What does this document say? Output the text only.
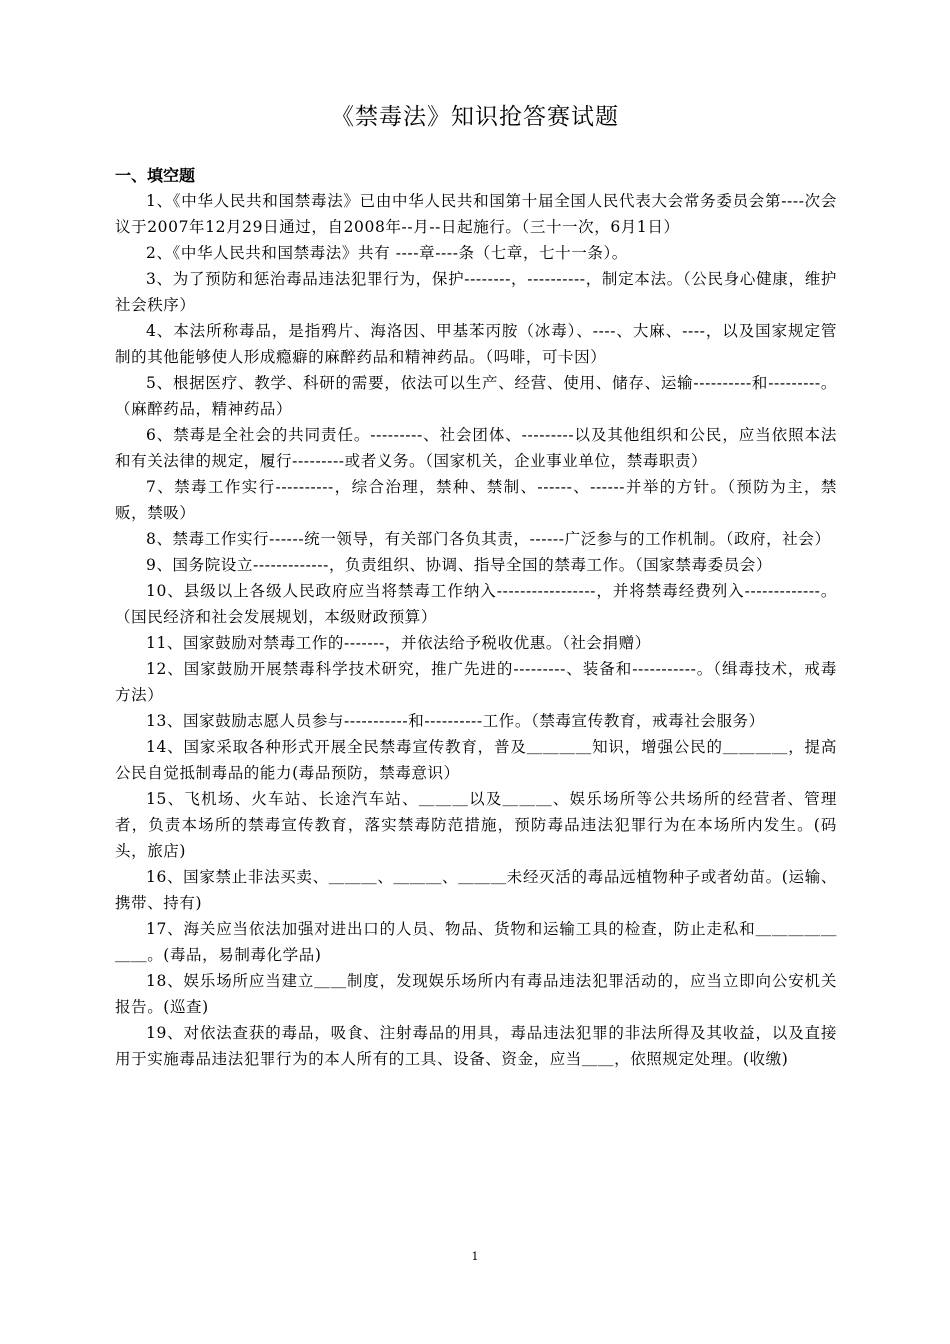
《禁毒法》知识抢答赛试题
一、填空题

1、《中华人民共和国禁毒法》已由中华人民共和国第十届全国人民代表大会常务委员会第----次会议于2007年12月29日通过，自2008年--月--日起施行。（三十一次，6月1日）

2、《中华人民共和国禁毒法》共有 ----章----条（七章，七十一条）。

3、为了预防和惩治毒品违法犯罪行为，保护--------，----------，制定本法。（公民身心健康，维护社会秩序）

4、本法所称毒品，是指鸦片、海洛因、甲基苯丙胺（冰毒）、----、大麻、----，以及国家规定管制的其他能够使人形成瘾癖的麻醉药品和精神药品。（吗啡，可卡因）

5、根据医疗、教学、科研的需要，依法可以生产、经营、使用、储存、运输----------和---------。（麻醉药品，精神药品）

6、禁毒是全社会的共同责任。---------、社会团体、---------以及其他组织和公民，应当依照本法和有关法律的规定，履行---------或者义务。（国家机关，企业事业单位，禁毒职责）

7、禁毒工作实行----------，综合治理，禁种、禁制、------、------并举的方针。（预防为主，禁贩，禁吸）

8、禁毒工作实行------统一领导，有关部门各负其责，------广泛参与的工作机制。（政府，社会）

9、国务院设立-------------，负责组织、协调、指导全国的禁毒工作。（国家禁毒委员会）

10、县级以上各级人民政府应当将禁毒工作纳入-----------------，并将禁毒经费列入-------------。（国民经济和社会发展规划，本级财政预算）

11、国家鼓励对禁毒工作的-------，并依法给予税收优惠。（社会捐赠）

12、国家鼓励开展禁毒科学技术研究，推广先进的---------、装备和-----------。（缉毒技术，戒毒方法）

13、国家鼓励志愿人员参与-----------和----------工作。（禁毒宣传教育，戒毒社会服务）

14、国家采取各种形式开展全民禁毒宣传教育，普及＿＿＿＿知识，增强公民的＿＿＿＿，提高公民自觉抵制毒品的能力(毒品预防，禁毒意识）

15、飞机场、火车站、长途汽车站、＿＿＿以及＿＿＿、娱乐场所等公共场所的经营者、管理者，负责本场所的禁毒宣传教育，落实禁毒防范措施，预防毒品违法犯罪行为在本场所内发生。(码头，旅店)

16、国家禁止非法买卖、＿＿＿、＿＿＿、＿＿＿未经灭活的毒品远植物种子或者幼苗。(运输、携带、持有)

17、海关应当依法加强对进出口的人员、物品、货物和运输工具的检查，防止走私和＿＿＿＿＿＿＿。(毒品，易制毒化学品)

18、娱乐场所应当建立＿＿制度，发现娱乐场所内有毒品违法犯罪活动的，应当立即向公安机关报告。(巡查)

19、对依法查获的毒品，吸食、注射毒品的用具，毒品违法犯罪的非法所得及其收益，以及直接用于实施毒品违法犯罪行为的本人所有的工具、设备、资金，应当＿＿，依照规定处理。(收缴)

1
